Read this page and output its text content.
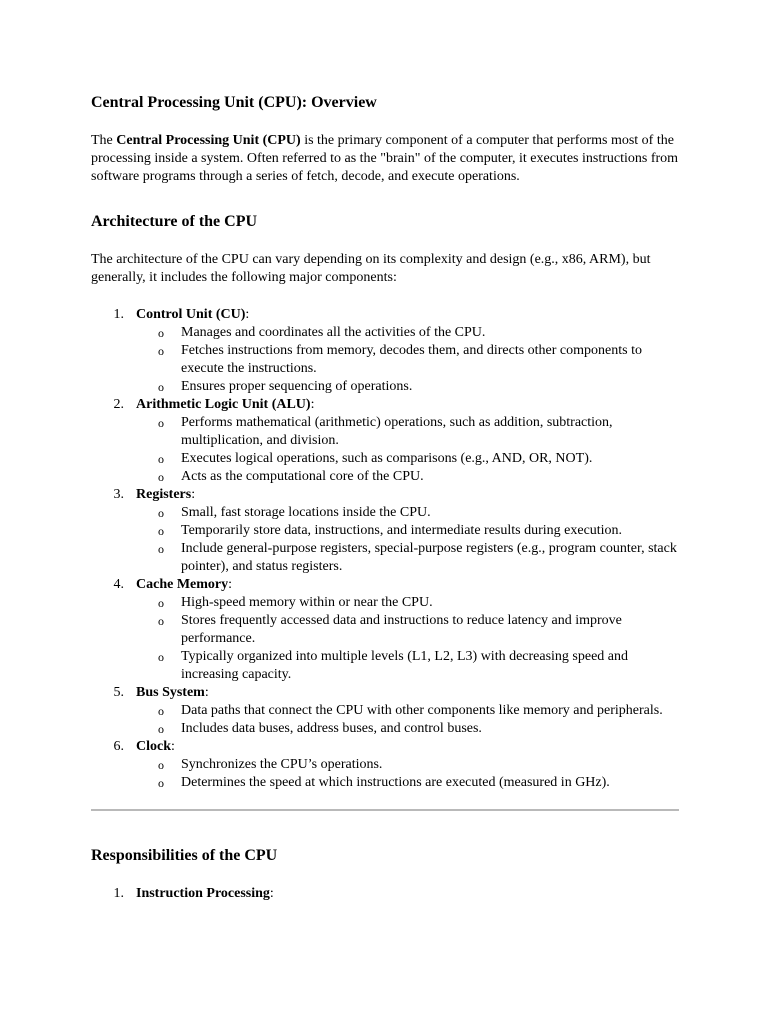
Central Processing Unit (CPU): Overview

The Central Processing Unit (CPU) is the primary component of a computer that performs most of the processing inside a system. Often referred to as the "brain" of the computer, it executes instructions from software programs through a series of fetch, decode, and execute operations.

Architecture of the CPU

The architecture of the CPU can vary depending on its complexity and design (e.g., x86, ARM), but generally, it includes the following major components:

1. Control Unit (CU):
o Manages and coordinates all the activities of the CPU.
o Fetches instructions from memory, decodes them, and directs other components to execute the instructions.
o Ensures proper sequencing of operations.
2. Arithmetic Logic Unit (ALU):
o Performs mathematical (arithmetic) operations, such as addition, subtraction, multiplication, and division.
o Executes logical operations, such as comparisons (e.g., AND, OR, NOT).
o Acts as the computational core of the CPU.
3. Registers:
o Small, fast storage locations inside the CPU.
o Temporarily store data, instructions, and intermediate results during execution.
o Include general-purpose registers, special-purpose registers (e.g., program counter, stack pointer), and status registers.
4. Cache Memory:
o High-speed memory within or near the CPU.
o Stores frequently accessed data and instructions to reduce latency and improve performance.
o Typically organized into multiple levels (L1, L2, L3) with decreasing speed and increasing capacity.
5. Bus System:
o Data paths that connect the CPU with other components like memory and peripherals.
o Includes data buses, address buses, and control buses.
6. Clock:
o Synchronizes the CPU’s operations.
o Determines the speed at which instructions are executed (measured in GHz).
Responsibilities of the CPU
1. Instruction Processing:
